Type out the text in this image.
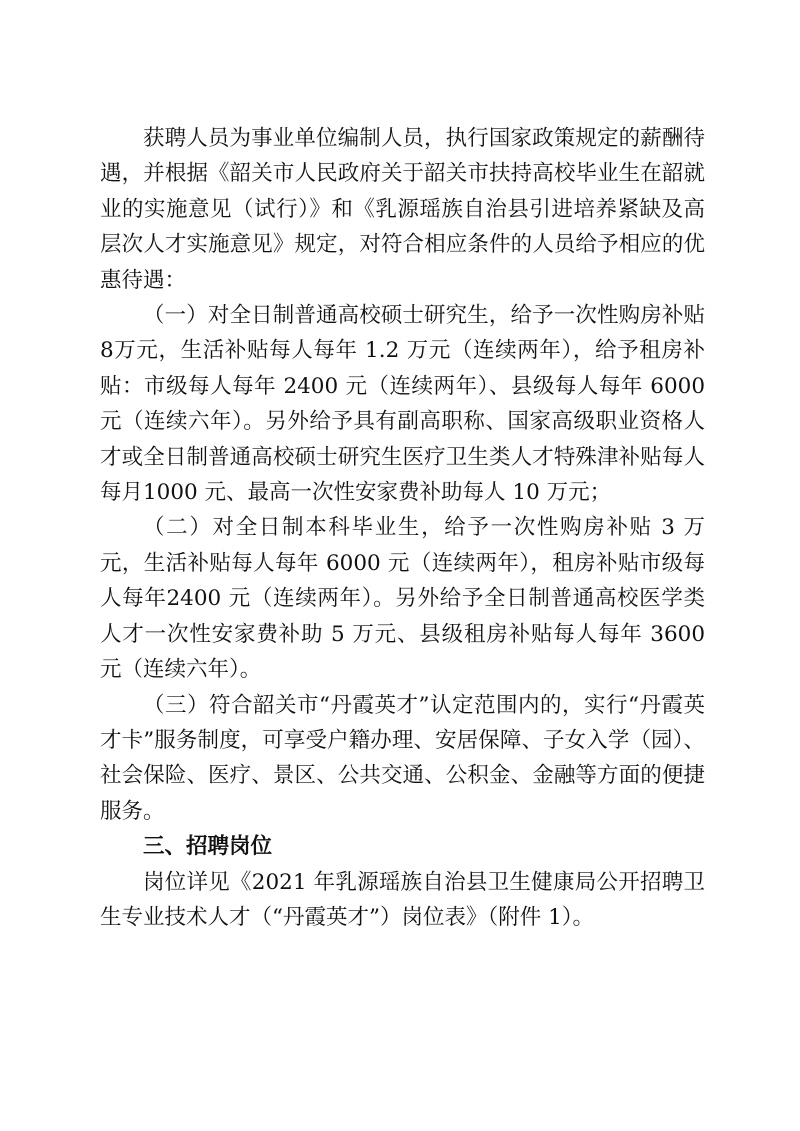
获聘人员为事业单位编制人员，执行国家政策规定的薪酬待遇，并根据《韶关市人民政府关于韶关市扶持高校毕业生在韶就业的实施意见（试行）》和《乳源瑶族自治县引进培养紧缺及高层次人才实施意见》规定，对符合相应条件的人员给予相应的优惠待遇：

（一）对全日制普通高校硕士研究生，给予一次性购房补贴8万元，生活补贴每人每年 1.2 万元（连续两年），给予租房补贴：市级每人每年 2400 元（连续两年）、县级每人每年 6000 元（连续六年）。另外给予具有副高职称、国家高级职业资格人才或全日制普通高校硕士研究生医疗卫生类人才特殊津补贴每人每月1000 元、最高一次性安家费补助每人 10 万元；

（二）对全日制本科毕业生，给予一次性购房补贴 3 万元，生活补贴每人每年 6000 元（连续两年），租房补贴市级每人每年2400 元（连续两年）。另外给予全日制普通高校医学类人才一次性安家费补助 5 万元、县级租房补贴每人每年 3600 元（连续六年）。

（三）符合韶关市“丹霞英才”认定范围内的，实行“丹霞英才卡”服务制度，可享受户籍办理、安居保障、子女入学（园）、社会保险、医疗、景区、公共交通、公积金、金融等方面的便捷服务。

三、招聘岗位

岗位详见《2021 年乳源瑶族自治县卫生健康局公开招聘卫生专业技术人才（“丹霞英才”）岗位表》（附件 1）。
